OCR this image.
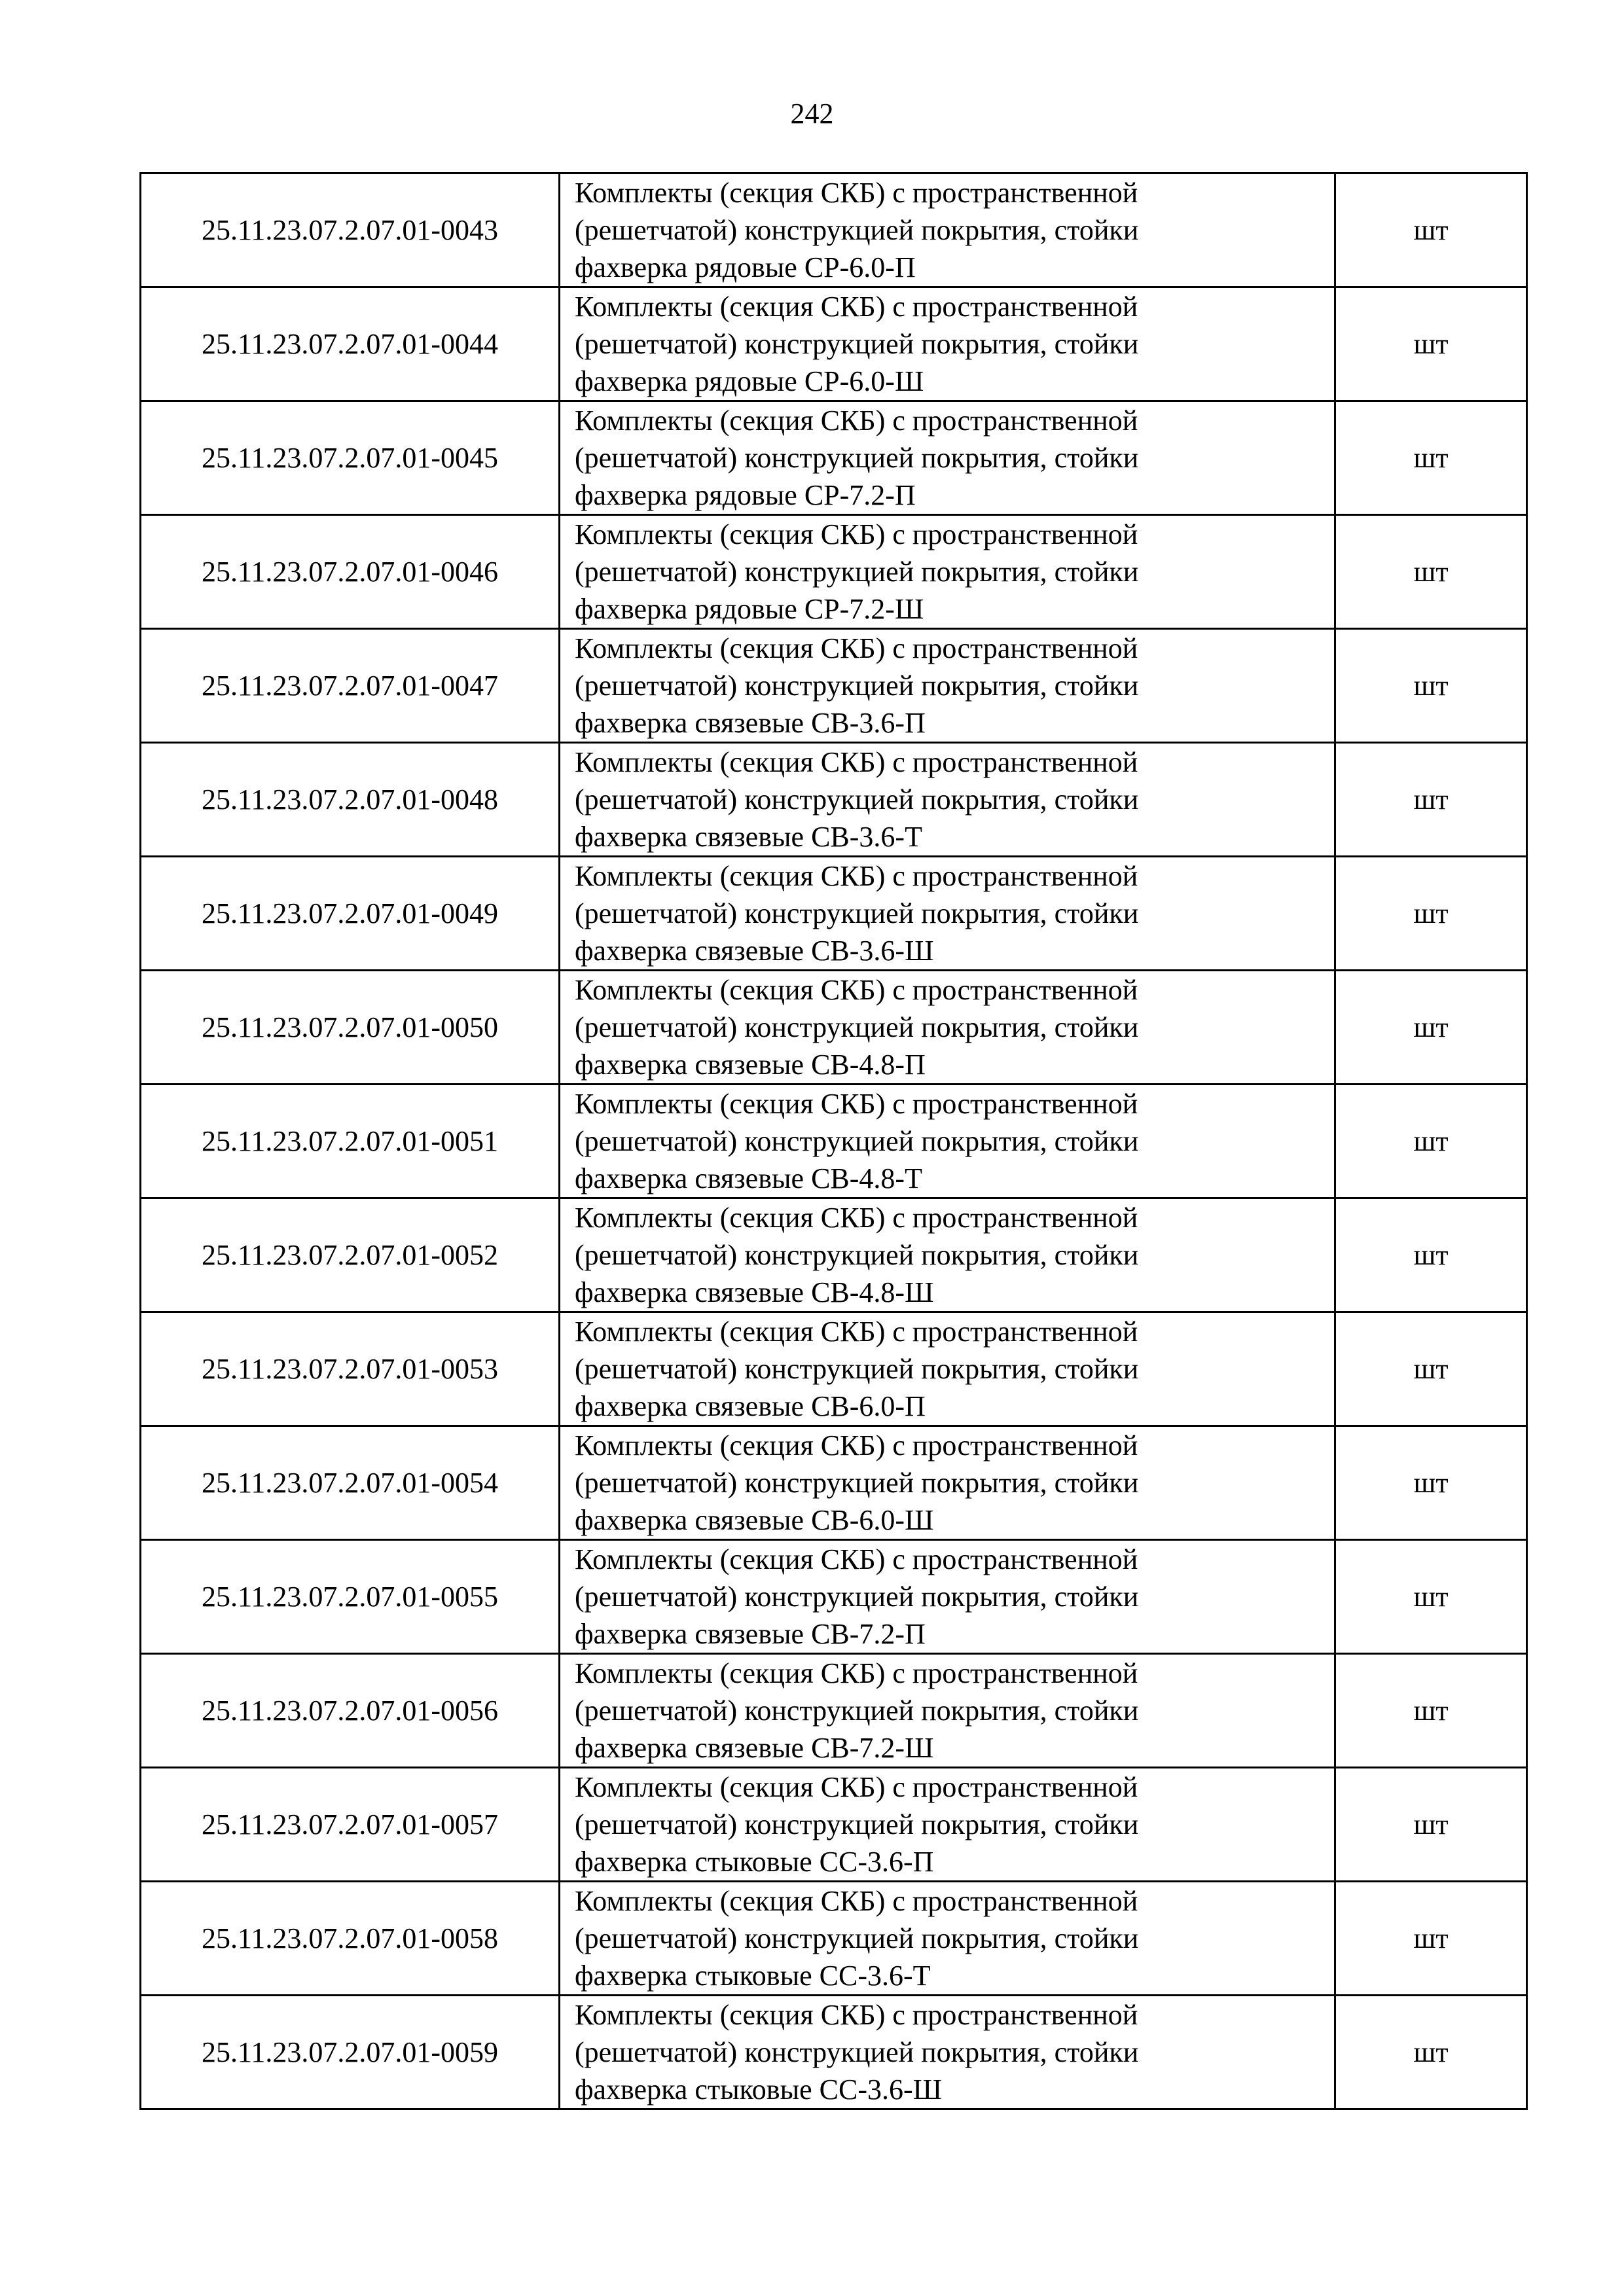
242
25.11.23.07.2.07.01-0043	Комплекты (секция СКБ) с пространственной
(решетчатой) конструкцией покрытия, стойки
фахверка рядовые СР-6.0-П	шт
25.11.23.07.2.07.01-0044	Комплекты (секция СКБ) с пространственной
(решетчатой) конструкцией покрытия, стойки
фахверка рядовые СР-6.0-Ш	шт
25.11.23.07.2.07.01-0045	Комплекты (секция СКБ) с пространственной
(решетчатой) конструкцией покрытия, стойки
фахверка рядовые СР-7.2-П	шт
25.11.23.07.2.07.01-0046	Комплекты (секция СКБ) с пространственной
(решетчатой) конструкцией покрытия, стойки
фахверка рядовые СР-7.2-Ш	шт
25.11.23.07.2.07.01-0047	Комплекты (секция СКБ) с пространственной
(решетчатой) конструкцией покрытия, стойки
фахверка связевые СВ-3.6-П	шт
25.11.23.07.2.07.01-0048	Комплекты (секция СКБ) с пространственной
(решетчатой) конструкцией покрытия, стойки
фахверка связевые СВ-3.6-Т	шт
25.11.23.07.2.07.01-0049	Комплекты (секция СКБ) с пространственной
(решетчатой) конструкцией покрытия, стойки
фахверка связевые СВ-3.6-Ш	шт
25.11.23.07.2.07.01-0050	Комплекты (секция СКБ) с пространственной
(решетчатой) конструкцией покрытия, стойки
фахверка связевые СВ-4.8-П	шт
25.11.23.07.2.07.01-0051	Комплекты (секция СКБ) с пространственной
(решетчатой) конструкцией покрытия, стойки
фахверка связевые СВ-4.8-Т	шт
25.11.23.07.2.07.01-0052	Комплекты (секция СКБ) с пространственной
(решетчатой) конструкцией покрытия, стойки
фахверка связевые СВ-4.8-Ш	шт
25.11.23.07.2.07.01-0053	Комплекты (секция СКБ) с пространственной
(решетчатой) конструкцией покрытия, стойки
фахверка связевые СВ-6.0-П	шт
25.11.23.07.2.07.01-0054	Комплекты (секция СКБ) с пространственной
(решетчатой) конструкцией покрытия, стойки
фахверка связевые СВ-6.0-Ш	шт
25.11.23.07.2.07.01-0055	Комплекты (секция СКБ) с пространственной
(решетчатой) конструкцией покрытия, стойки
фахверка связевые СВ-7.2-П	шт
25.11.23.07.2.07.01-0056	Комплекты (секция СКБ) с пространственной
(решетчатой) конструкцией покрытия, стойки
фахверка связевые СВ-7.2-Ш	шт
25.11.23.07.2.07.01-0057	Комплекты (секция СКБ) с пространственной
(решетчатой) конструкцией покрытия, стойки
фахверка стыковые СС-3.6-П	шт
25.11.23.07.2.07.01-0058	Комплекты (секция СКБ) с пространственной
(решетчатой) конструкцией покрытия, стойки
фахверка стыковые СС-3.6-Т	шт
25.11.23.07.2.07.01-0059	Комплекты (секция СКБ) с пространственной
(решетчатой) конструкцией покрытия, стойки
фахверка стыковые СС-3.6-Ш	шт
